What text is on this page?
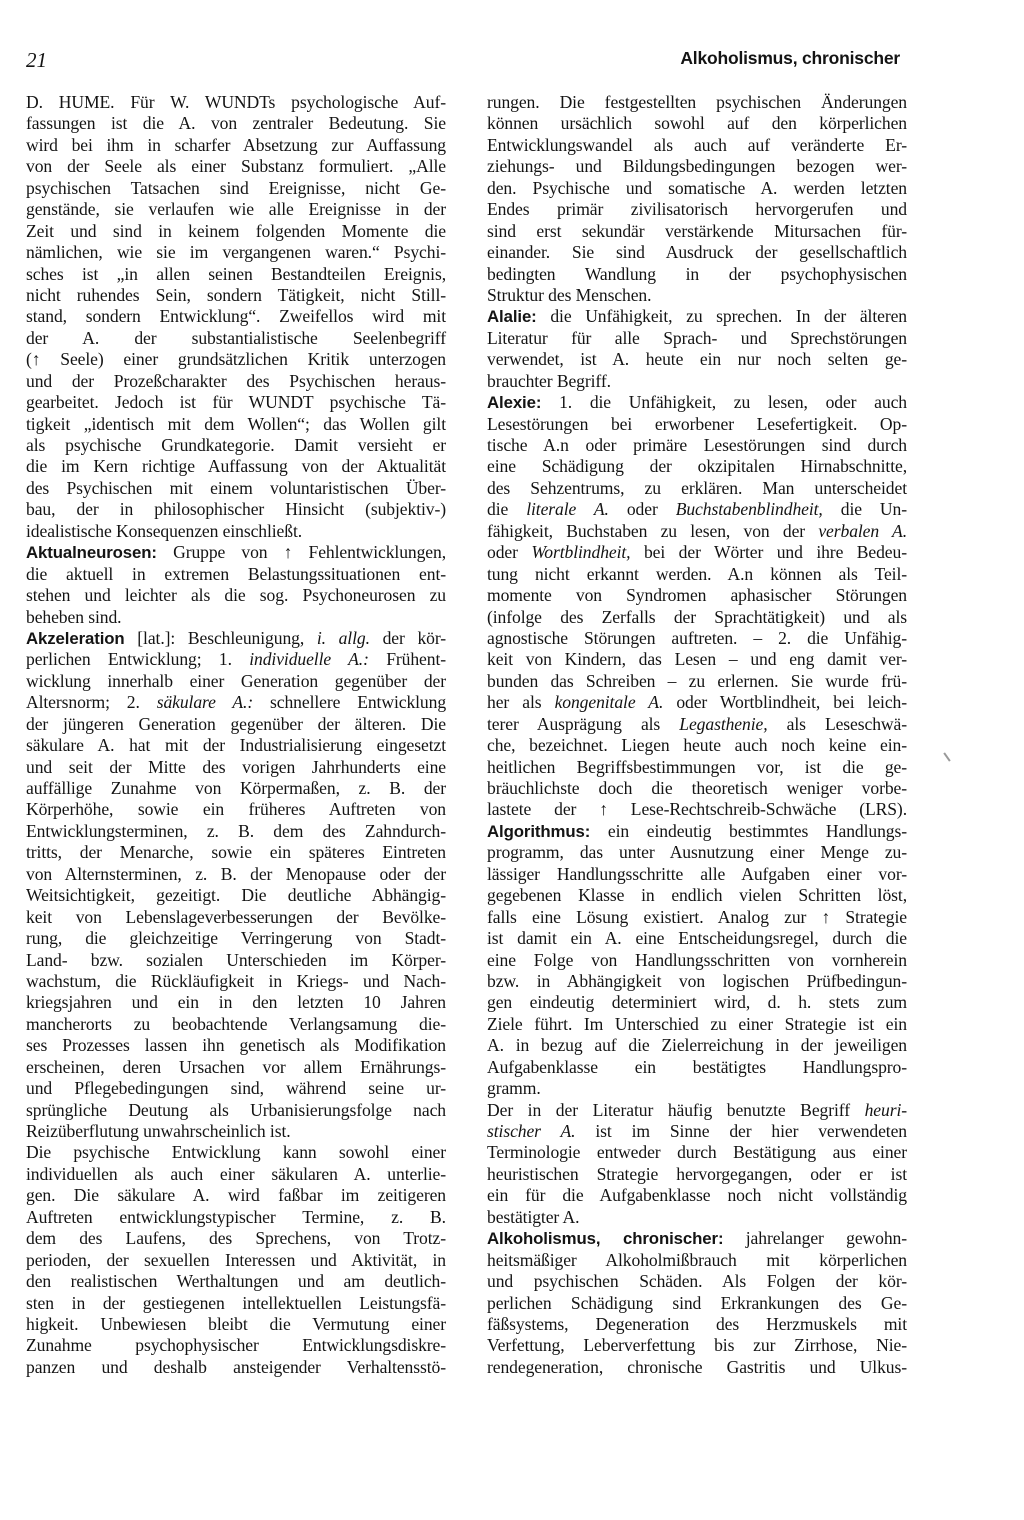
21	Alkoholismus, chronischer
D. HUME. Für W. WUNDTs psychologische Auf-
fassungen ist die A. von zentraler Bedeutung. Sie
wird bei ihm in scharfer Absetzung zur Auffassung
von der Seele als einer Substanz formuliert. „Alle
psychischen Tatsachen sind Ereignisse, nicht Ge-
genstände, sie verlaufen wie alle Ereignisse in der
Zeit und sind in keinem folgenden Momente die
nämlichen, wie sie im vergangenen waren.“ Psychi-
sches ist „in allen seinen Bestandteilen Ereignis,
nicht ruhendes Sein, sondern Tätigkeit, nicht Still-
stand, sondern Entwicklung“. Zweifellos wird mit
der A. der substantialistische Seelenbegriff
(↑ Seele) einer grundsätzlichen Kritik unterzogen
und der Prozeßcharakter des Psychischen heraus-
gearbeitet. Jedoch ist für WUNDT psychische Tä-
tigkeit „identisch mit dem Wollen“; das Wollen gilt
als psychische Grundkategorie. Damit versieht er
die im Kern richtige Auffassung von der Aktualität
des Psychischen mit einem voluntaristischen Über-
bau, der in philosophischer Hinsicht (subjektiv-)
idealistische Konsequenzen einschließt.
Aktualneurosen: Gruppe von ↑ Fehlentwicklungen,
die aktuell in extremen Belastungssituationen ent-
stehen und leichter als die sog. Psychoneurosen zu
beheben sind.
Akzeleration [lat.]: Beschleunigung, i. allg. der kör-
perlichen Entwicklung; 1. individuelle A.: Frühent-
wicklung innerhalb einer Generation gegenüber der
Altersnorm; 2. säkulare A.: schnellere Entwicklung
der jüngeren Generation gegenüber der älteren. Die
säkulare A. hat mit der Industrialisierung eingesetzt
und seit der Mitte des vorigen Jahrhunderts eine
auffällige Zunahme von Körpermaßen, z. B. der
Körperhöhe, sowie ein früheres Auftreten von
Entwicklungsterminen, z. B. dem des Zahndurch-
tritts, der Menarche, sowie ein späteres Eintreten
von Alternsterminen, z. B. der Menopause oder der
Weitsichtigkeit, gezeitigt. Die deutliche Abhängig-
keit von Lebenslageverbesserungen der Bevölke-
rung, die gleichzeitige Verringerung von Stadt-
Land- bzw. sozialen Unterschieden im Körper-
wachstum, die Rückläufigkeit in Kriegs- und Nach-
kriegsjahren und ein in den letzten 10 Jahren
mancherorts zu beobachtende Verlangsamung die-
ses Prozesses lassen ihn genetisch als Modifikation
erscheinen, deren Ursachen vor allem Ernährungs-
und Pflegebedingungen sind, während seine ur-
sprüngliche Deutung als Urbanisierungsfolge nach
Reizüberflutung unwahrscheinlich ist.
Die psychische Entwicklung kann sowohl einer
individuellen als auch einer säkularen A. unterlie-
gen. Die säkulare A. wird faßbar im zeitigeren
Auftreten entwicklungstypischer Termine, z. B.
dem des Laufens, des Sprechens, von Trotz-
perioden, der sexuellen Interessen und Aktivität, in
den realistischen Werthaltungen und am deutlich-
sten in der gestiegenen intellektuellen Leistungsfä-
higkeit. Unbewiesen bleibt die Vermutung einer
Zunahme psychophysischer Entwicklungsdiskre-
panzen und deshalb ansteigender Verhaltensstö-
rungen. Die festgestellten psychischen Änderungen
können ursächlich sowohl auf den körperlichen
Entwicklungswandel als auch auf veränderte Er-
ziehungs- und Bildungsbedingungen bezogen wer-
den. Psychische und somatische A. werden letzten
Endes primär zivilisatorisch hervorgerufen und
sind erst sekundär verstärkende Mitursachen für-
einander. Sie sind Ausdruck der gesellschaftlich
bedingten Wandlung in der psychophysischen
Struktur des Menschen.
Alalie: die Unfähigkeit, zu sprechen. In der älteren
Literatur für alle Sprach- und Sprechstörungen
verwendet, ist A. heute ein nur noch selten ge-
brauchter Begriff.
Alexie: 1. die Unfähigkeit, zu lesen, oder auch
Lesestörungen bei erworbener Lesefertigkeit. Op-
tische A.n oder primäre Lesestörungen sind durch
eine Schädigung der okzipitalen Hirnabschnitte,
des Sehzentrums, zu erklären. Man unterscheidet
die literale A. oder Buchstabenblindheit, die Un-
fähigkeit, Buchstaben zu lesen, von der verbalen A.
oder Wortblindheit, bei der Wörter und ihre Bedeu-
tung nicht erkannt werden. A.n können als Teil-
momente von Syndromen aphasischer Störungen
(infolge des Zerfalls der Sprachtätigkeit) und als
agnostische Störungen auftreten. – 2. die Unfähig-
keit von Kindern, das Lesen – und eng damit ver-
bunden das Schreiben – zu erlernen. Sie wurde frü-
her als kongenitale A. oder Wortblindheit, bei leich-
terer Ausprägung als Legasthenie, als Leseschwä-
che, bezeichnet. Liegen heute auch noch keine ein-
heitlichen Begriffsbestimmungen vor, ist die ge-
bräuchlichste doch die theoretisch weniger vorbe-
lastete der ↑ Lese-Rechtschreib-Schwäche (LRS).
Algorithmus: ein eindeutig bestimmtes Handlungs-
programm, das unter Ausnutzung einer Menge zu-
lässiger Handlungsschritte alle Aufgaben einer vor-
gegebenen Klasse in endlich vielen Schritten löst,
falls eine Lösung existiert. Analog zur ↑ Strategie
ist damit ein A. eine Entscheidungsregel, durch die
eine Folge von Handlungsschritten von vornherein
bzw. in Abhängigkeit von logischen Prüfbedingun-
gen eindeutig determiniert wird, d. h. stets zum
Ziele führt. Im Unterschied zu einer Strategie ist ein
A. in bezug auf die Zielerreichung in der jeweiligen
Aufgabenklasse ein bestätigtes Handlungspro-
gramm.
Der in der Literatur häufig benutzte Begriff heuri-
stischer A. ist im Sinne der hier verwendeten
Terminologie entweder durch Bestätigung aus einer
heuristischen Strategie hervorgegangen, oder er ist
ein für die Aufgabenklasse noch nicht vollständig
bestätigter A.
Alkoholismus, chronischer: jahrelanger gewohn-
heitsmäßiger Alkoholmißbrauch mit körperlichen
und psychischen Schäden. Als Folgen der kör-
perlichen Schädigung sind Erkrankungen des Ge-
fäßsystems, Degeneration des Herzmuskels mit
Verfettung, Leberverfettung bis zur Zirrhose, Nie-
rendegeneration, chronische Gastritis und Ulkus-
